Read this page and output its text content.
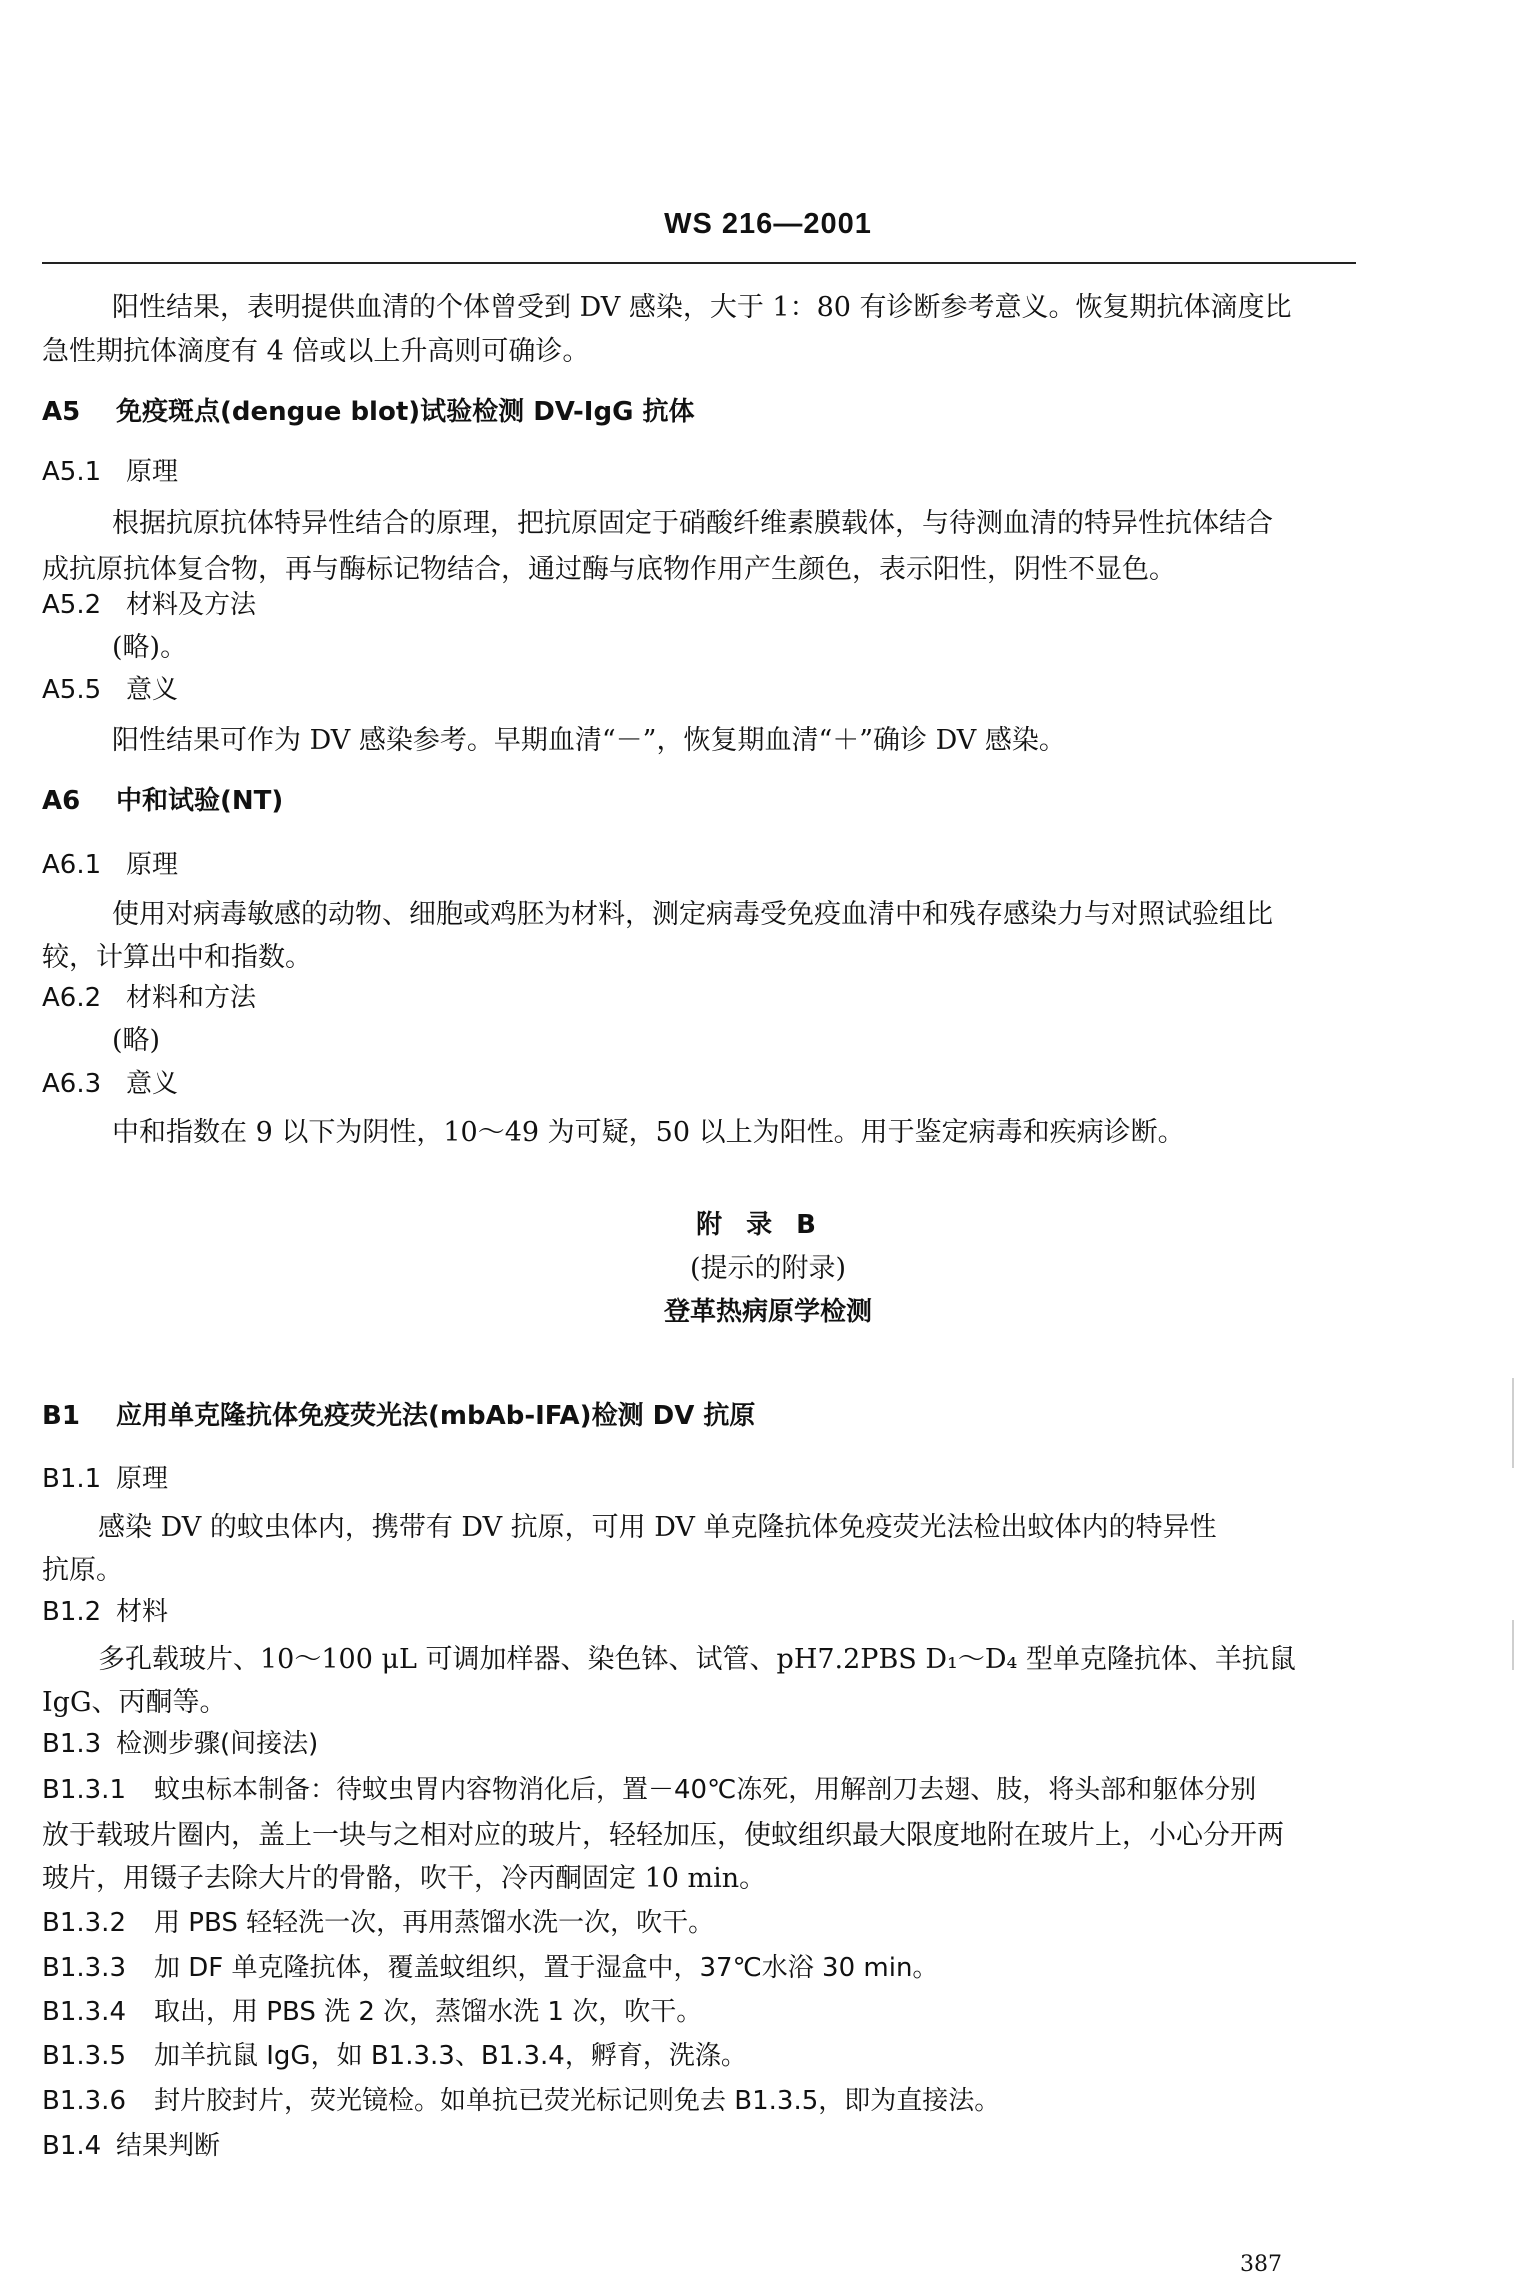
WS 216—2001
阳性结果，表明提供血清的个体曾受到 DV 感染，大于 1：80 有诊断参考意义。恢复期抗体滴度比
急性期抗体滴度有 4 倍或以上升高则可确诊。
A5 免疫斑点(dengue blot)试验检测 DV-IgG 抗体
A5.1 原理
根据抗原抗体特异性结合的原理，把抗原固定于硝酸纤维素膜载体，与待测血清的特异性抗体结合
成抗原抗体复合物，再与酶标记物结合，通过酶与底物作用产生颜色，表示阳性，阴性不显色。
A5.2 材料及方法
(略)。
A5.5 意义
阳性结果可作为 DV 感染参考。早期血清“－”，恢复期血清“＋”确诊 DV 感染。
A6 中和试验(NT)
A6.1 原理
使用对病毒敏感的动物、细胞或鸡胚为材料，测定病毒受免疫血清中和残存感染力与对照试验组比
较，计算出中和指数。
A6.2 材料和方法
(略)
A6.3 意义
中和指数在 9 以下为阴性，10～49 为可疑，50 以上为阳性。用于鉴定病毒和疾病诊断。
附录B
(提示的附录)
登革热病原学检测
B1 应用单克隆抗体免疫荧光法(mbAb-IFA)检测 DV 抗原
B1.1 原理
感染 DV 的蚊虫体内，携带有 DV 抗原，可用 DV 单克隆抗体免疫荧光法检出蚊体内的特异性
抗原。
B1.2 材料
多孔载玻片、10～100 μL 可调加样器、染色钵、试管、pH7.2PBS D₁～D₄ 型单克隆抗体、羊抗鼠
IgG、丙酮等。
B1.3 检测步骤(间接法)
B1.3.1 蚊虫标本制备：待蚊虫胃内容物消化后，置－40℃冻死，用解剖刀去翅、肢，将头部和躯体分别
放于载玻片圈内，盖上一块与之相对应的玻片，轻轻加压，使蚊组织最大限度地附在玻片上，小心分开两
玻片，用镊子去除大片的骨骼，吹干，冷丙酮固定 10 min。
B1.3.2 用 PBS 轻轻洗一次，再用蒸馏水洗一次，吹干。
B1.3.3 加 DF 单克隆抗体，覆盖蚊组织，置于湿盒中，37℃水浴 30 min。
B1.3.4 取出，用 PBS 洗 2 次，蒸馏水洗 1 次，吹干。
B1.3.5 加羊抗鼠 IgG，如 B1.3.3、B1.3.4，孵育，洗涤。
B1.3.6 封片胶封片，荧光镜检。如单抗已荧光标记则免去 B1.3.5，即为直接法。
B1.4 结果判断
387
